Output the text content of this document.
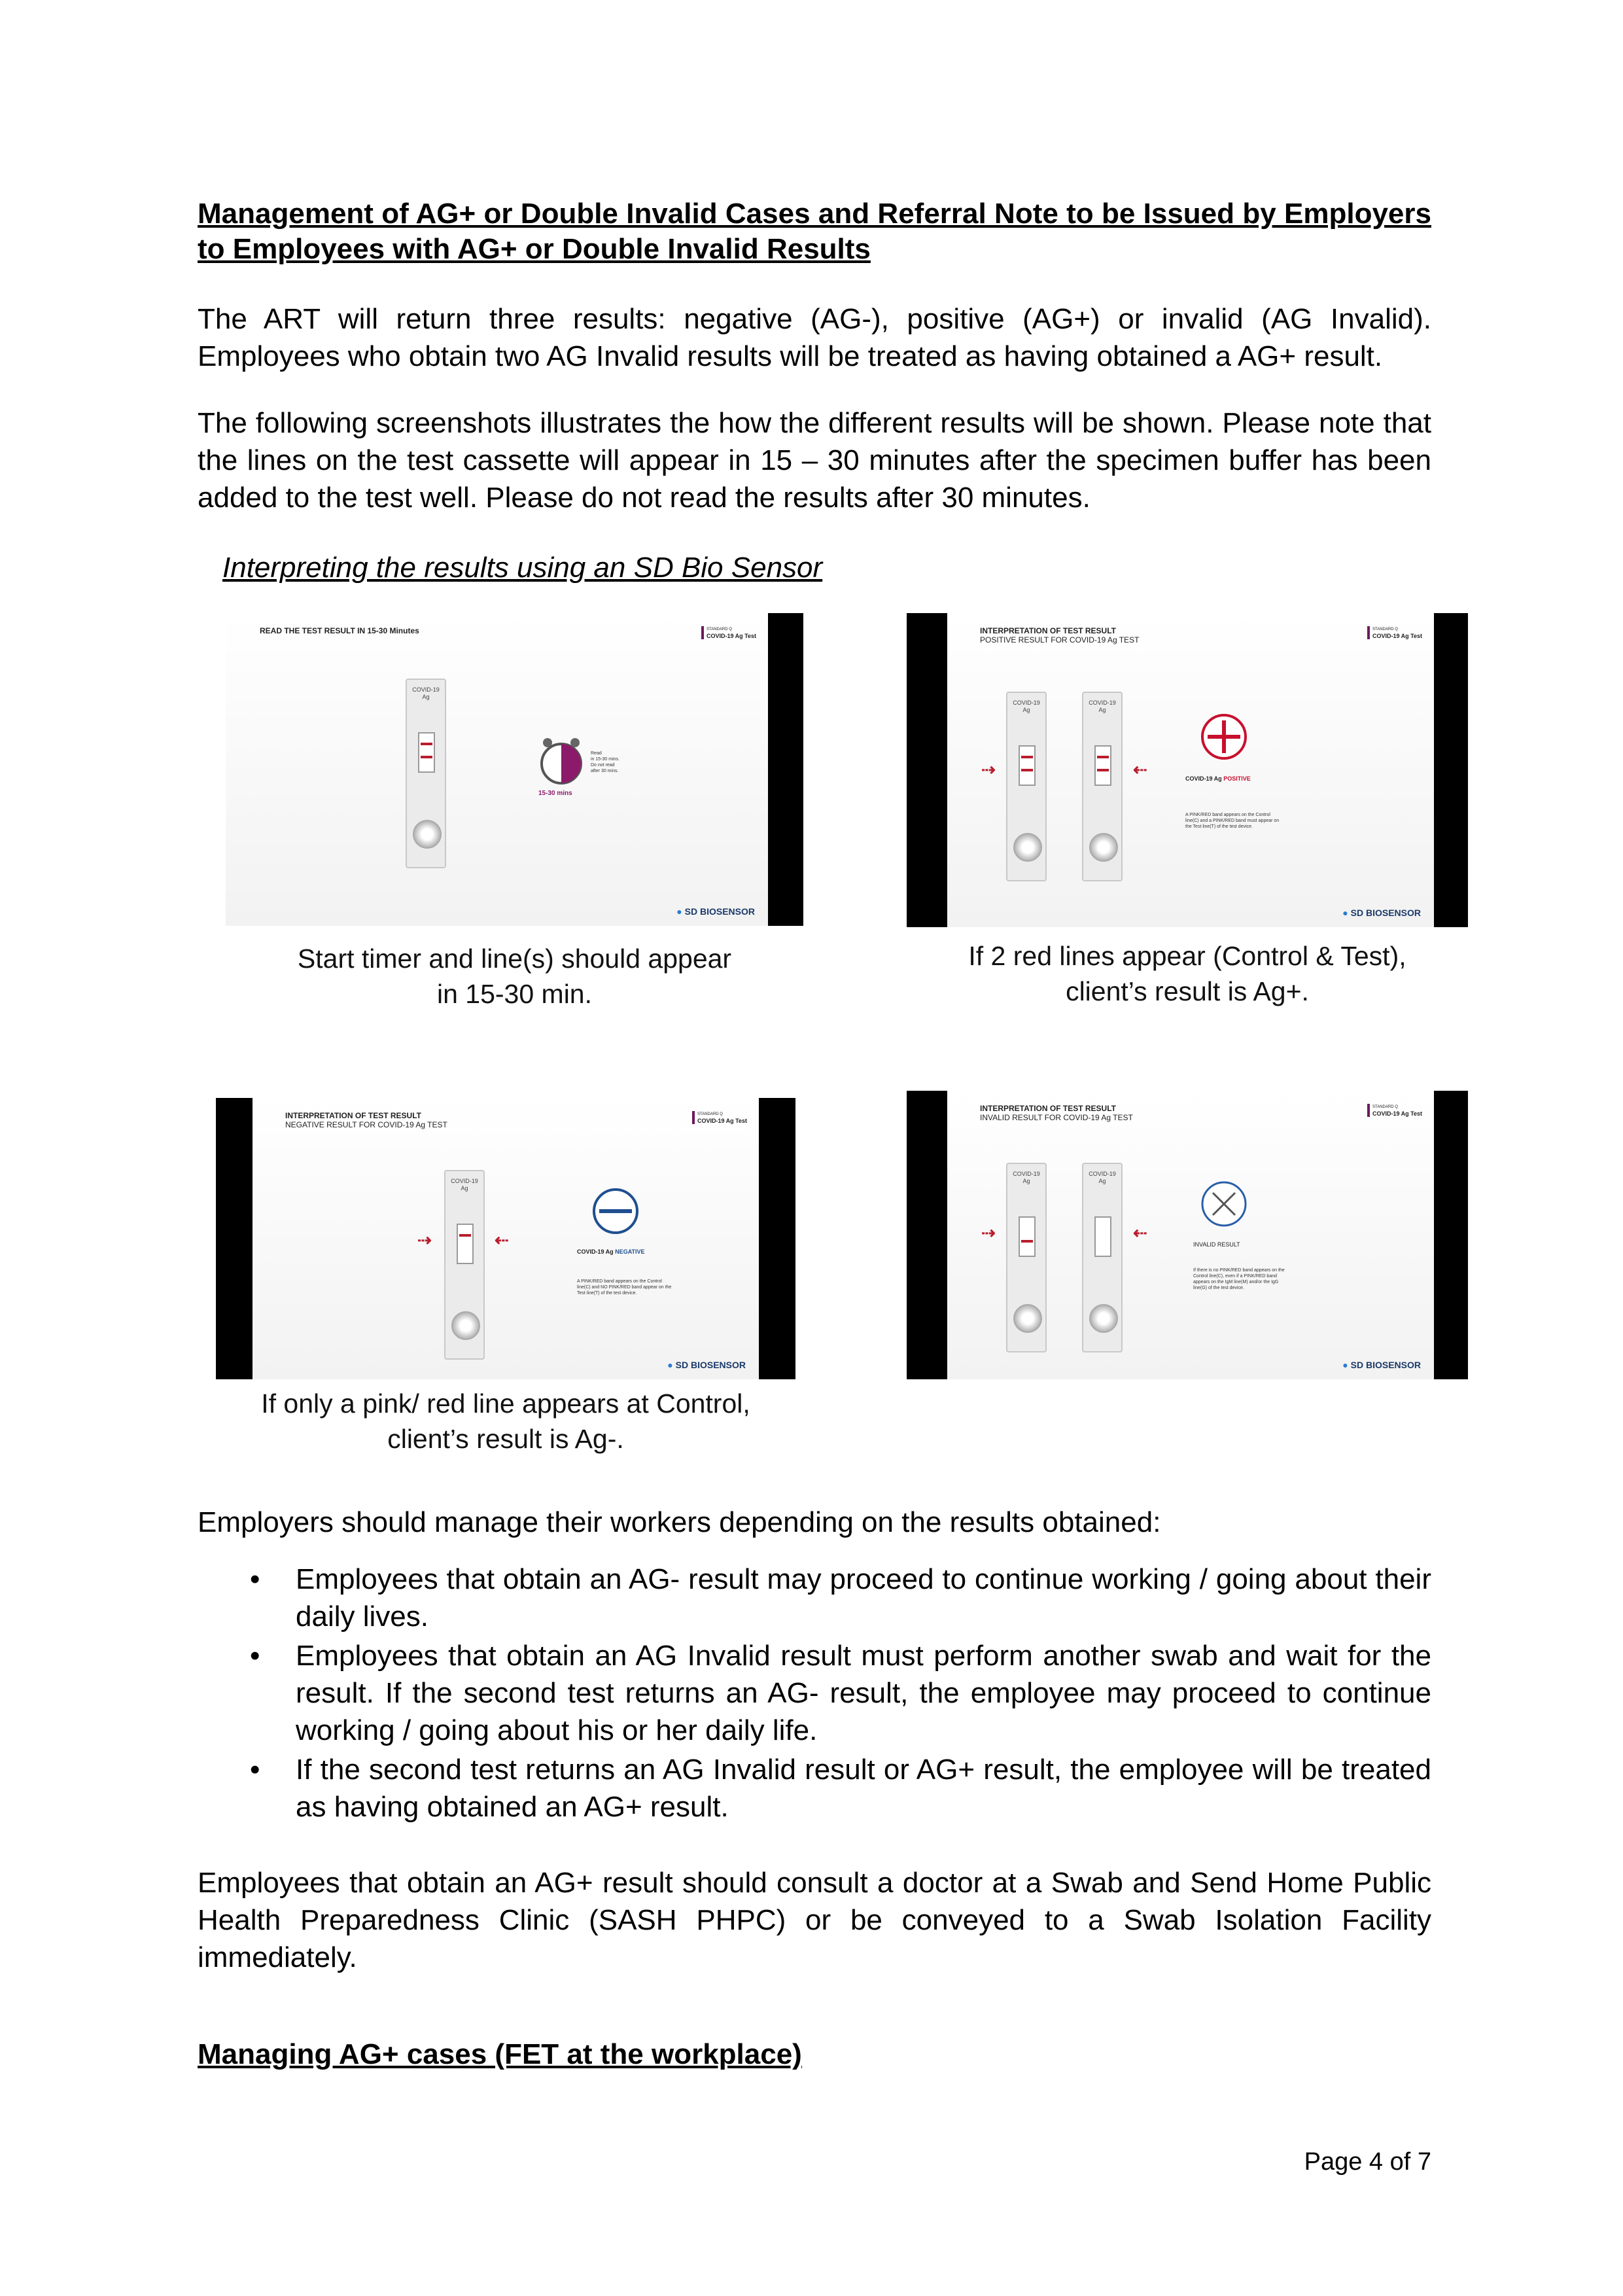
Management of AG+ or Double Invalid Cases and Referral Note to be Issued by Employers to Employees with AG+ or Double Invalid Results
The ART will return three results: negative (AG-), positive (AG+) or invalid (AG Invalid). Employees who obtain two AG Invalid results will be treated as having obtained a AG+ result.
The following screenshots illustrates the how the different results will be shown. Please note that the lines on the test cassette will appear in 15 – 30 minutes after the specimen buffer has been added to the test well. Please do not read the results after 30 minutes.
Interpreting the results using an SD Bio Sensor
READ THE TEST RESULT IN 15-30 Minutes	STANDARD Q
COVID-19 Ag Test
COVID-19
Ag
15-30 mins
Read
in 15-30 mins.
Do not read
after 30 mins.
● SD BIOSENSOR
Start timer and line(s) should appear
in 15-30 min.
INTERPRETATION OF TEST RESULT
POSITIVE RESULT FOR COVID-19 Ag TEST
STANDARD Q
COVID-19 Ag Test
COVID-19
Ag
COVID-19
Ag
⇢	⇠	COVID-19 Ag POSITIVE
A PINK/RED band appears on the Control line(C) and a PINK/RED band must appear on the Test line(T) of the test device.
● SD BIOSENSOR
If 2 red lines appear (Control & Test),
client’s result is Ag+.
INTERPRETATION OF TEST RESULT
NEGATIVE RESULT FOR COVID-19 Ag TEST
STANDARD Q
COVID-19 Ag Test
COVID-19
Ag
⇢	⇠
COVID-19 Ag NEGATIVE
A PINK/RED band appears on the Control line(C) and NO PINK/RED band appear on the Test line(T) of the test device.
● SD BIOSENSOR
If only a pink/ red line appears at Control,
client’s result is Ag-.
INTERPRETATION OF TEST RESULT
INVALID RESULT FOR COVID-19 Ag TEST
STANDARD Q
COVID-19 Ag Test
COVID-19
Ag
COVID-19
Ag
⇢	⇠
INVALID RESULT
If there is no PINK/RED band appears on the Control line(C), even if a PINK/RED band appears on the IgM line(M) and/or the IgG line(G) of the test device.
● SD BIOSENSOR
Employers should manage their workers depending on the results obtained:
• Employees that obtain an AG- result may proceed to continue working / going about their daily lives.
• Employees that obtain an AG Invalid result must perform another swab and wait for the result. If the second test returns an AG- result, the employee may proceed to continue working / going about his or her daily life.
• If the second test returns an AG Invalid result or AG+ result, the employee will be treated as having obtained an AG+ result.
Employees that obtain an AG+ result should consult a doctor at a Swab and Send Home Public Health Preparedness Clinic (SASH PHPC) or be conveyed to a Swab Isolation Facility immediately.
Managing AG+ cases (FET at the workplace)
Page 4 of 7
